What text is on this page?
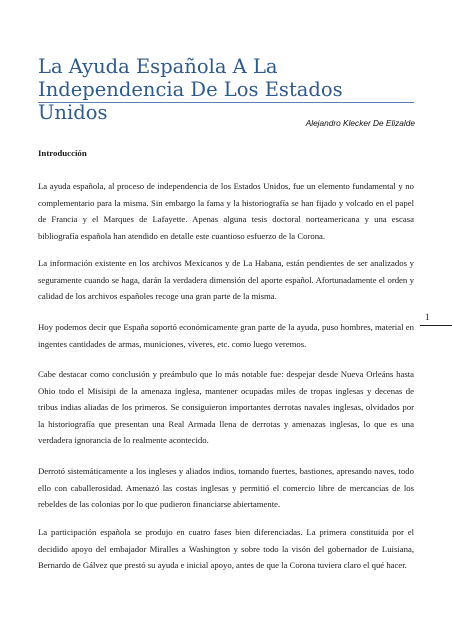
La Ayuda Española A La Independencia De Los Estados Unidos	Alejandro Klecker De Elizalde
Introducción

La ayuda española, al proceso de independencia de los Estados Unidos, fue un elemento fundamental y no complementario para la misma. Sin embargo la fama y la historiografía se han fijado y volcado en el papel de Francia y el Marques de Lafayette. Apenas alguna tesis doctoral norteamericana y una escasa bibliografía española han atendido en detalle este cuantioso esfuerzo de la Corona.

La información existente en los archivos Mexicanos y de La Habana, están pendientes de ser analizados y seguramente cuando se haga, darán la verdadera dimensión del aporte español. Afortunadamente el orden y calidad de los archivos españoles recoge una gran parte de la misma.

Hoy podemos decir que España soportó económicamente gran parte de la ayuda, puso hombres, material en ingentes cantidades de armas, municiones, víveres, etc. como luego veremos.

Cabe destacar como conclusión y preámbulo que lo más notable fue: despejar desde Nueva Orleáns hasta Ohio todo el Misisipi de la amenaza inglesa, mantener ocupadas miles de tropas inglesas y decenas de tribus indias aliadas de los primeros. Se consiguieron importantes derrotas navales inglesas, olvidados por la historiografía que presentan una Real Armada llena de derrotas y amenazas inglesas, lo que es una verdadera ignorancia de lo realmente acontecido.

Derrotó sistemáticamente a los ingleses y aliados indios, tomando fuertes, bastiones, apresando naves, todo ello con caballerosidad. Amenazó las costas inglesas y permitió el comercio libre de mercancías de los rebeldes de las colonias por lo que pudieron financiarse abiertamente.

La participación española se produjo en cuatro fases bien diferenciadas. La primera constituida por el decidido apoyo del embajador Miralles a Washington y sobre todo la visón del gobernador de Luisiana, Bernardo de Gálvez que prestó su ayuda e inicial apoyo, antes de que la Corona tuviera claro el qué hacer.

1
